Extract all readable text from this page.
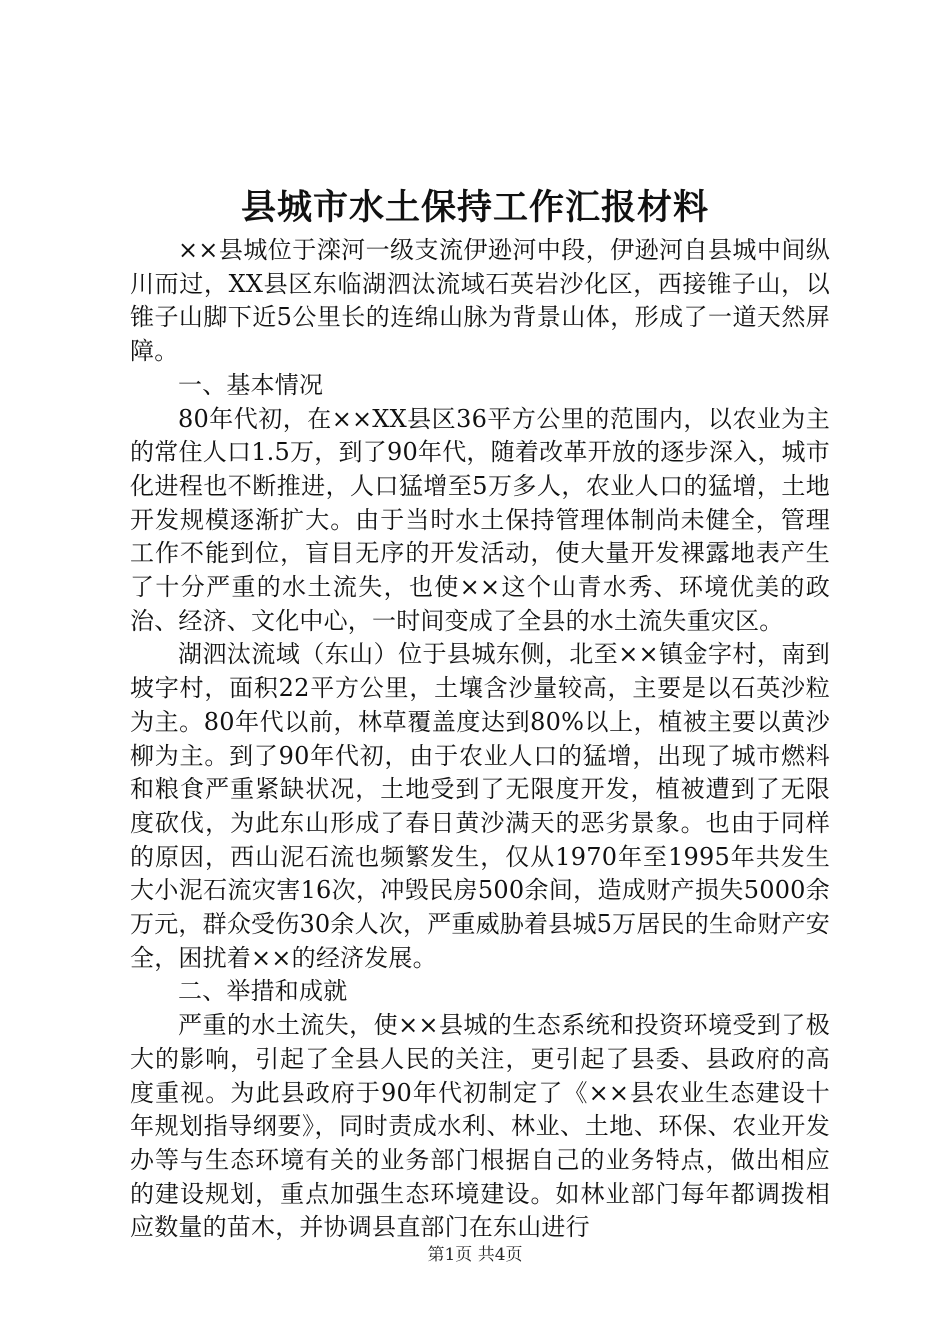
县城市水土保持工作汇报材料

××县城位于滦河一级支流伊逊河中段，伊逊河自县城中间纵川而过，XX县区东临湖泗汰流域石英岩沙化区，西接锥子山，以锥子山脚下近5公里长的连绵山脉为背景山体，形成了一道天然屏障。

一、基本情况

80年代初，在××XX县区36平方公里的范围内，以农业为主的常住人口1.5万，到了90年代，随着改革开放的逐步深入，城市化进程也不断推进，人口猛增至5万多人，农业人口的猛增，土地开发规模逐渐扩大。由于当时水土保持管理体制尚未健全，管理工作不能到位，盲目无序的开发活动，使大量开发裸露地表产生了十分严重的水土流失，也使××这个山青水秀、环境优美的政治、经济、文化中心，一时间变成了全县的水土流失重灾区。

湖泗汰流域（东山）位于县城东侧，北至××镇金字村，南到坡字村，面积22平方公里，土壤含沙量较高，主要是以石英沙粒为主。80年代以前，林草覆盖度达到80%以上，植被主要以黄沙柳为主。到了90年代初，由于农业人口的猛增，出现了城市燃料和粮食严重紧缺状况，土地受到了无限度开发，植被遭到了无限度砍伐，为此东山形成了春日黄沙满天的恶劣景象。也由于同样的原因，西山泥石流也频繁发生，仅从1970年至1995年共发生大小泥石流灾害16次，冲毁民房500余间，造成财产损失5000余万元，群众受伤30余人次，严重威胁着县城5万居民的生命财产安全，困扰着××的经济发展。

二、举措和成就

严重的水土流失，使××县城的生态系统和投资环境受到了极大的影响，引起了全县人民的关注，更引起了县委、县政府的高度重视。为此县政府于90年代初制定了《××县农业生态建设十年规划指导纲要》，同时责成水利、林业、土地、环保、农业开发办等与生态环境有关的业务部门根据自己的业务特点，做出相应的建设规划，重点加强生态环境建设。如林业部门每年都调拨相应数量的苗木，并协调县直部门在东山进行

第1页 共4页
